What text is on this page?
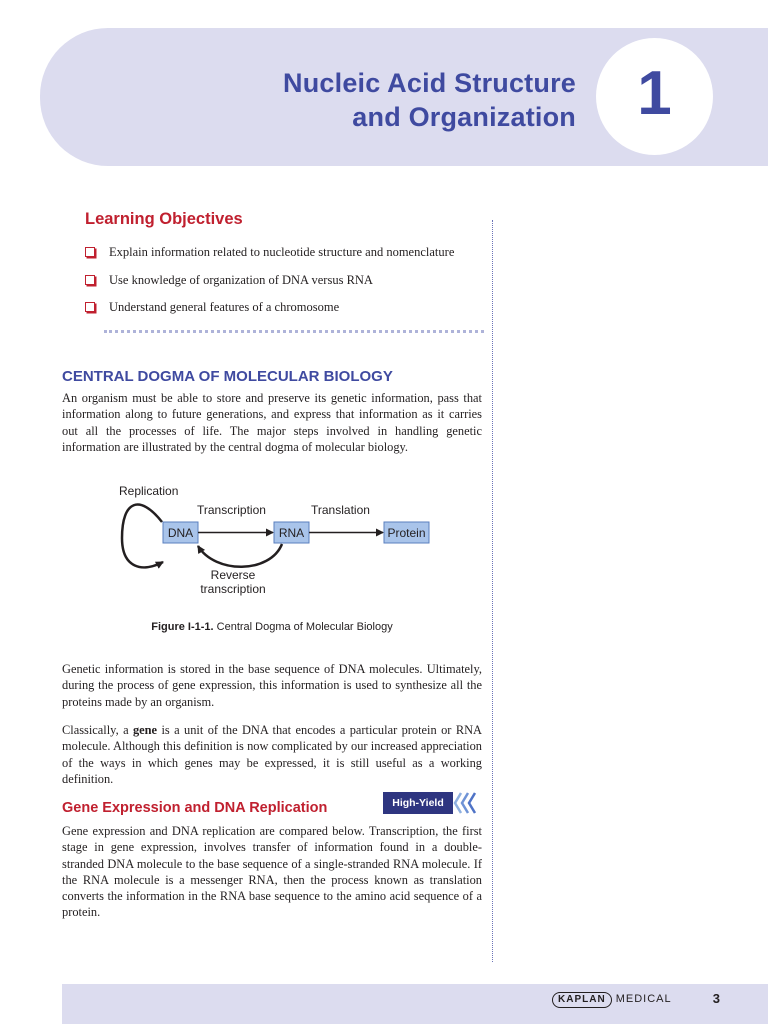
Nucleic Acid Structure
and Organization 1
Learning Objectives
Explain information related to nucleotide structure and nomenclature
Use knowledge of organization of DNA versus RNA
Understand general features of a chromosome
CENTRAL DOGMA OF MOLECULAR BIOLOGY

An organism must be able to store and preserve its genetic information, pass that information along to future generations, and express that information as it carries out all the processes of life. The major steps involved in handling genetic information are illustrated by the central dogma of molecular biology.

Replication
Transcription	Translation
DNA	RNA	Protein
Reverse
transcription
Figure I-1-1. Central Dogma of Molecular Biology

Genetic information is stored in the base sequence of DNA molecules. Ultimately, during the process of gene expression, this information is used to synthesize all the proteins made by an organism.

Classically, a gene is a unit of the DNA that encodes a particular protein or RNA molecule. Although this definition is now complicated by our increased appreciation of the ways in which genes may be expressed, it is still useful as a working definition.

Gene Expression and DNA Replication	High-Yield

Gene expression and DNA replication are compared below. Transcription, the first stage in gene expression, involves transfer of information found in a double-stranded DNA molecule to the base sequence of a single-stranded RNA molecule. If the RNA molecule is a messenger RNA, then the process known as translation converts the information in the RNA base sequence to the amino acid sequence of a protein.

KAPLAN MEDICAL	3
